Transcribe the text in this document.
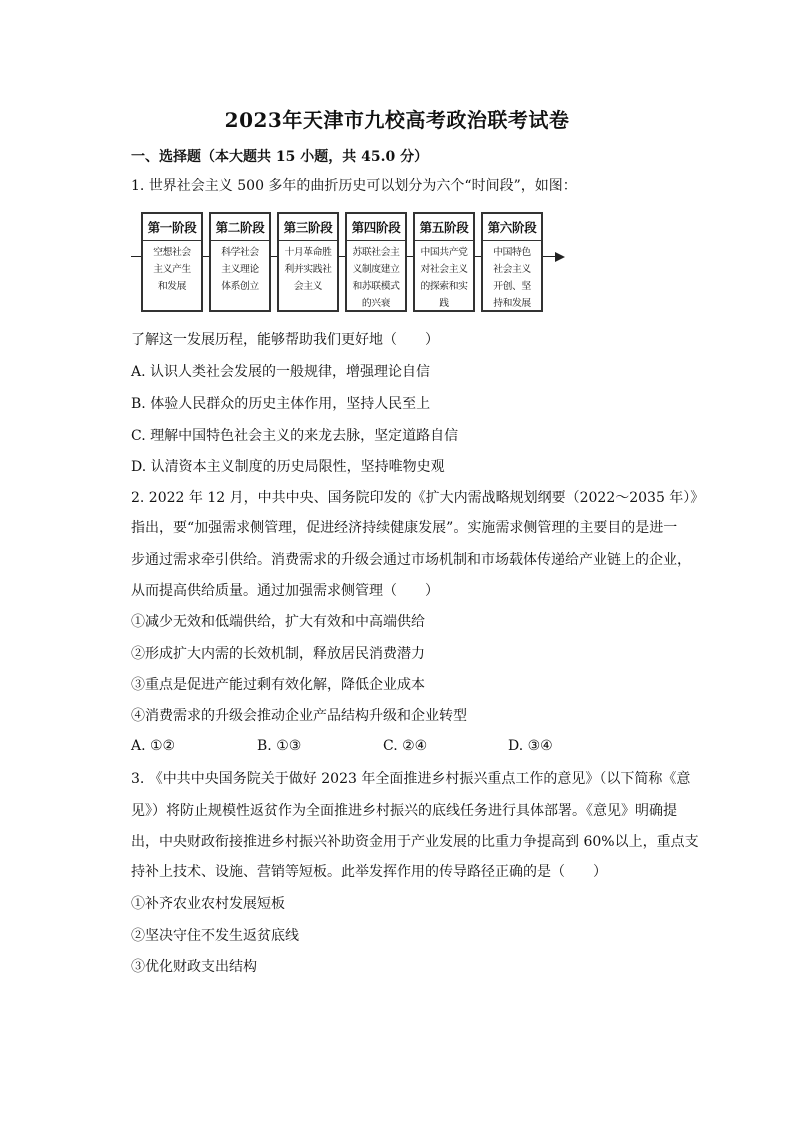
2023年天津市九校高考政治联考试卷
一、选择题（本大题共 15 小题，共 45.0 分）
1. 世界社会主义 500 多年的曲折历史可以划分为六个“时间段”，如图：
第一阶段
空想社会
主义产生
和发展
第二阶段
科学社会
主义理论
体系创立
第三阶段
十月革命胜
利并实践社
会主义
第四阶段
苏联社会主
义制度建立
和苏联模式
的兴衰
第五阶段
中国共产党
对社会主义
的探索和实
践
第六阶段
中国特色
社会主义
开创、坚
持和发展
了解这一发展历程，能够帮助我们更好地（　　）
A. 认识人类社会发展的一般规律，增强理论自信
B. 体验人民群众的历史主体作用，坚持人民至上
C. 理解中国特色社会主义的来龙去脉，坚定道路自信
D. 认清资本主义制度的历史局限性，坚持唯物史观
2. 2022 年 12 月，中共中央、国务院印发的《扩大内需战略规划纲要（2022～2035 年）》
指出，要“加强需求侧管理，促进经济持续健康发展”。实施需求侧管理的主要目的是进一
步通过需求牵引供给。消费需求的升级会通过市场机制和市场载体传递给产业链上的企业，
从而提高供给质量。通过加强需求侧管理（　　）
①减少无效和低端供给，扩大有效和中高端供给
②形成扩大内需的长效机制，释放居民消费潜力
③重点是促进产能过剩有效化解，降低企业成本
④消费需求的升级会推动企业产品结构升级和企业转型
A. ①②	B. ①③	C. ②④	D. ③④
3. 《中共中央国务院关于做好 2023 年全面推进乡村振兴重点工作的意见》（以下简称《意
见》）将防止规模性返贫作为全面推进乡村振兴的底线任务进行具体部署。《意见》明确提
出，中央财政衔接推进乡村振兴补助资金用于产业发展的比重力争提高到 60%以上，重点支
持补上技术、设施、营销等短板。此举发挥作用的传导路径正确的是（　　）
①补齐农业农村发展短板
②坚决守住不发生返贫底线
③优化财政支出结构
